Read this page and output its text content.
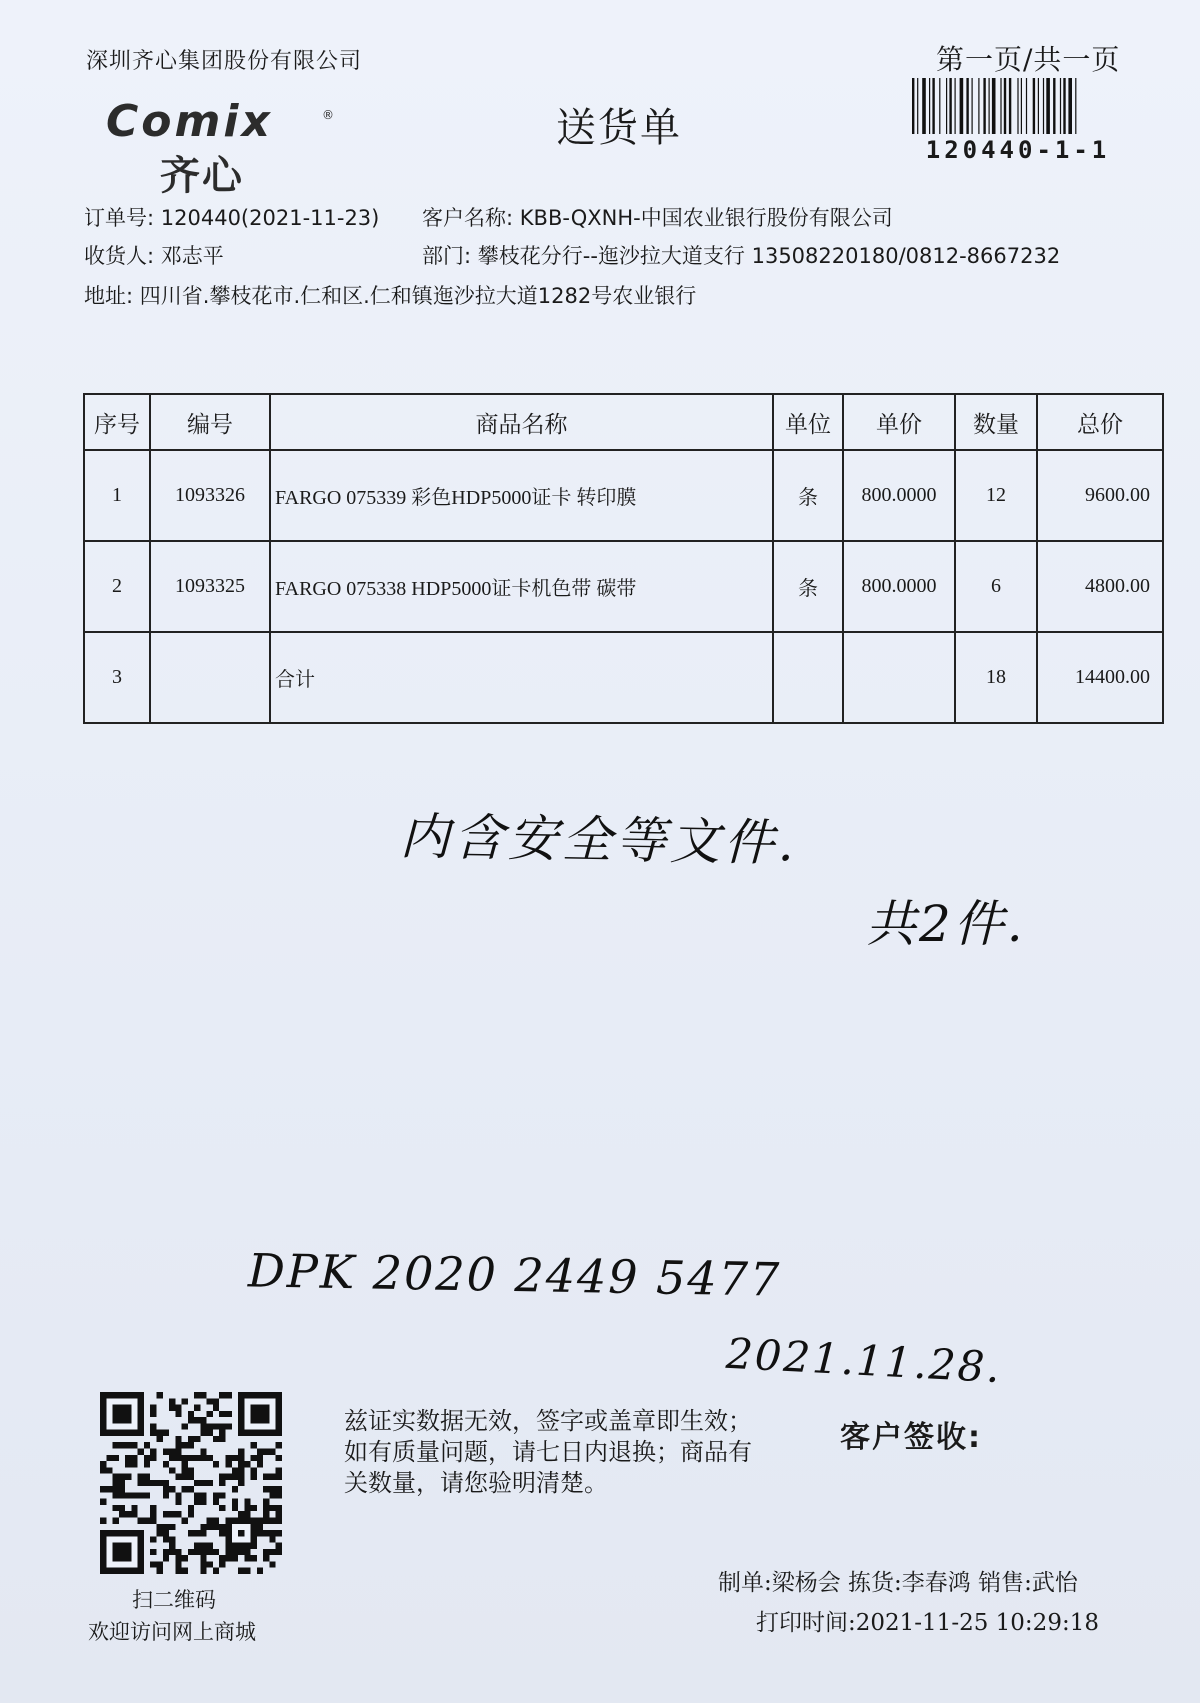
深圳齐心集团股份有限公司	第一页/共一页
Comix	®
齐心
送货单	120440-1-1
订单号: 120440(2021-11-23) 客户名称: KBB-QXNH-中国农业银行股份有限公司
收货人: 邓志平	部门: 攀枝花分行--迤沙拉大道支行 13508220180/0812-8667232
地址: 四川省.攀枝花市.仁和区.仁和镇迤沙拉大道1282号农业银行
序号	编号	商品名称	单位	单价	数量	总价
1	1093326	FARGO 075339 彩色HDP5000证卡 转印膜	条	800.0000	12	9600.00
2	1093325	FARGO 075338 HDP5000证卡机色带 碳带	条	800.0000	6	4800.00
3		合计			18	14400.00
内含安全等文件.
共2件.
DPK 2020 2449 5477
2021.11.28.
扫二维码
欢迎访问网上商城
兹证实数据无效，签字或盖章即生效；如有质量问题，请七日内退换；商品有关数量，请您验明清楚。
客户签收:
制单:梁杨会 拣货:李春鸿 销售:武怡
打印时间:2021-11-25 10:29:18
